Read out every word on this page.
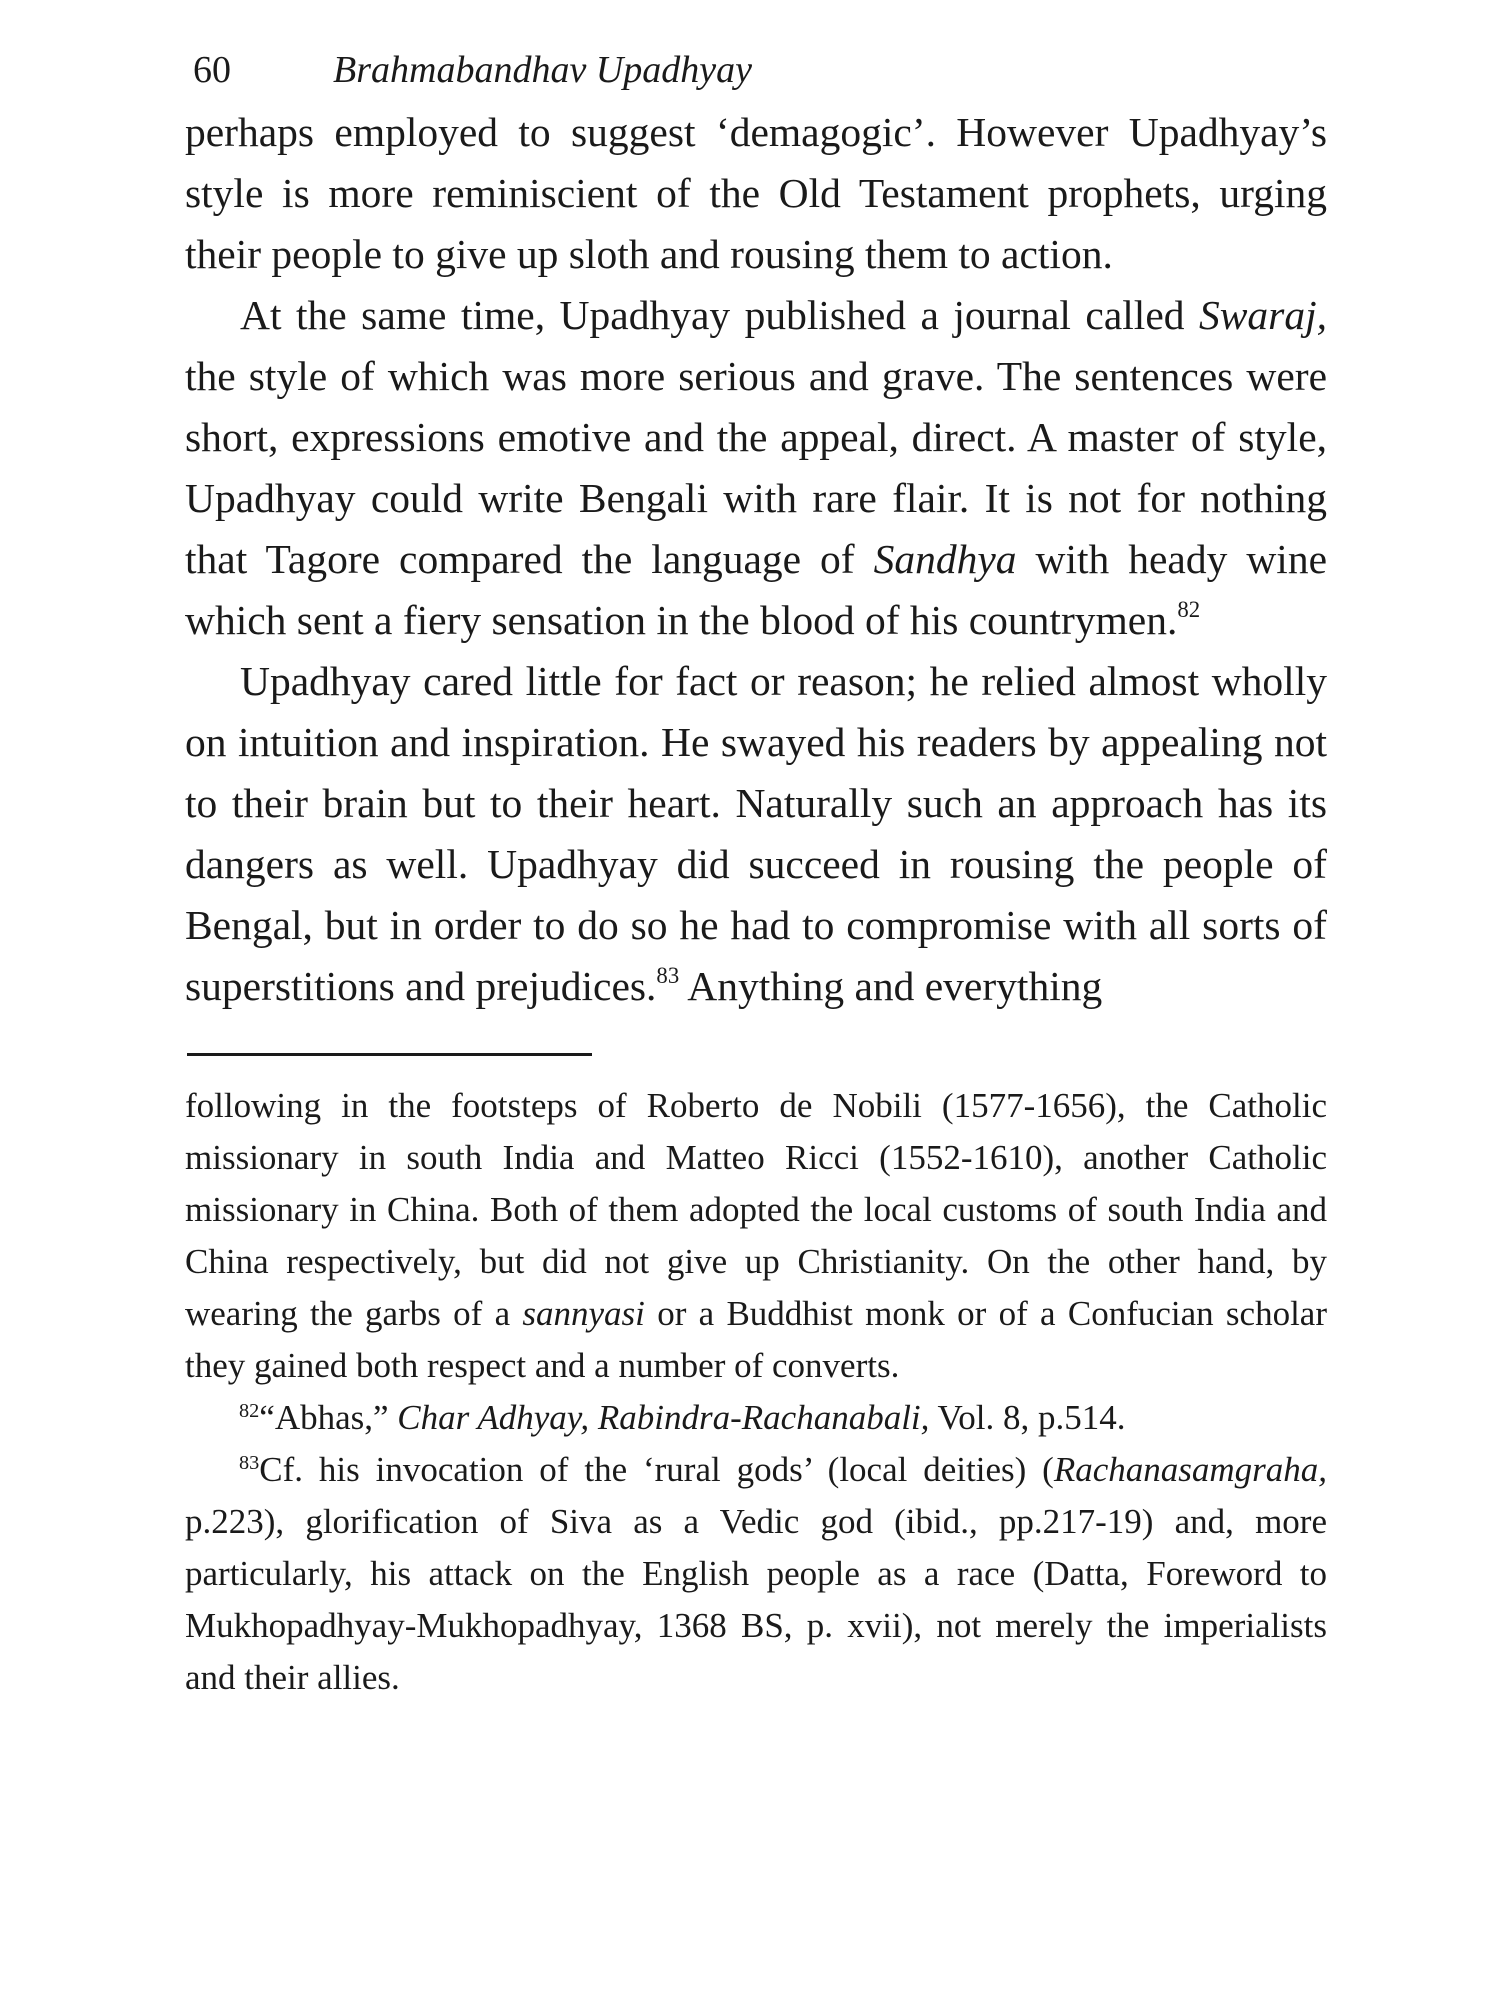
60	Brahmabandhav Upadhyay

perhaps employed to suggest ‘demagogic’. However Upadhyay’s style is more reminiscient of the Old Testament prophets, urging their people to give up sloth and rousing them to action.

At the same time, Upadhyay published a journal called Swaraj, the style of which was more serious and grave. The sentences were short, expressions emotive and the appeal, direct. A master of style, Upadhyay could write Bengali with rare flair. It is not for nothing that Tagore compared the language of Sandhya with heady wine which sent a fiery sensation in the blood of his countrymen.$^{82}$

Upadhyay cared little for fact or reason; he relied almost wholly on intuition and inspiration. He swayed his readers by appealing not to their brain but to their heart. Naturally such an approach has its dangers as well. Upadhyay did succeed in rousing the people of Bengal, but in order to do so he had to compromise with all sorts of superstitions and prejudices.$^{83}$ Anything and everything

following in the footsteps of Roberto de Nobili (1577-1656), the Catholic missionary in south India and Matteo Ricci (1552-1610), another Catholic missionary in China. Both of them adopted the local customs of south India and China respectively, but did not give up Christianity. On the other hand, by wearing the garbs of a sannyasi or a Buddhist monk or of a Confucian scholar they gained both respect and a number of converts.

$^{82}$“Abhas,” Char Adhyay, Rabindra-Rachanabali, Vol. 8, p.514.

$^{83}$Cf. his invocation of the ‘rural gods’ (local deities) (Rachanasamgraha, p.223), glorification of Siva as a Vedic god (ibid., pp.217-19) and, more particularly, his attack on the English people as a race (Datta, Foreword to Mukhopadhyay-Mukhopadhyay, 1368 BS, p. xvii), not merely the imperialists and their allies.
